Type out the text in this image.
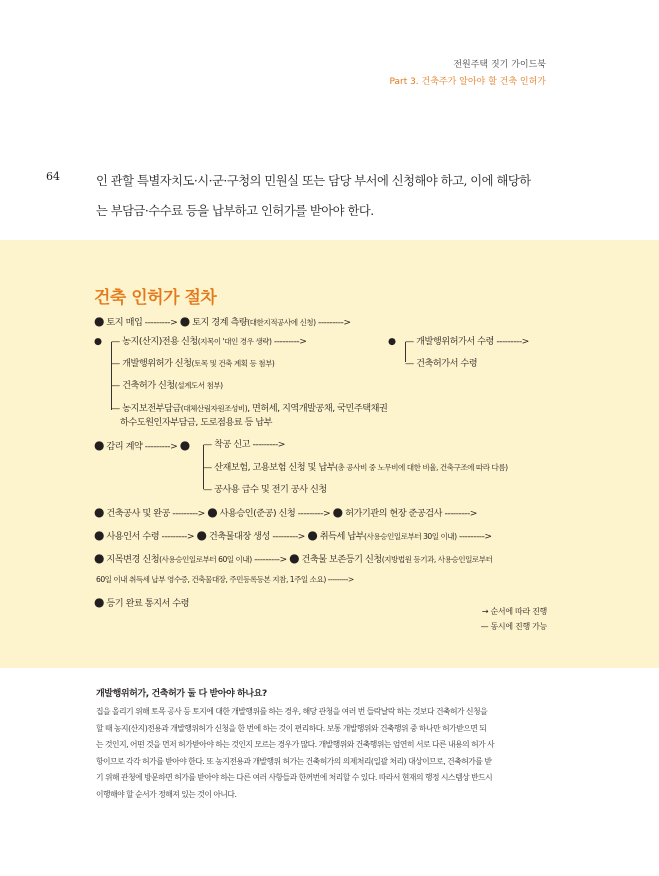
전원주택 짓기 가이드북
Part 3. 건축주가 알아야 할 건축 인허가
64	인 관할 특별자치도·시·군·구청의 민원실 또는 담당 부서에 신청해야 하고, 이에 해당하
는 부담금·수수료 등을 납부하고 인허가를 받아야 한다.
건축 인허가 절차
● 토지 매입 ---------> ● 토지 경계 측량(대한지적공사에 신청) --------->
● — 농지(산지)전용 신청(지목이 '대인 경우 생략) --------->
— 개발행위허가 신청(토목 및 건축 계획 등 첨부)
— 건축허가 신청(설계도서 첨부)
— 농지보전부담금(대체산림자원조성비), 면허세, 지역개발공채, 국민주택채권
하수도원인자부담금, 도로점용료 등 납부
● — 개발행위허가서 수령 --------->
— 건축허가서 수령
● 감리 계약 ---------> ● — 착공 신고 --------->
— 산재보험, 고용보험 신청 및 납부(총 공사비 중 노무비에 대한 비율, 건축구조에 따라 다름)
— 공사용 급수 및 전기 공사 신청
● 건축공사 및 완공 ---------> ● 사용승인(준공) 신청 ---------> ● 허가기관의 현장 준공검사 --------->
● 사용인서 수령 ---------> ● 건축물대장 생성 ---------> ● 취득세 납부(사용승인일로부터 30일 이내) --------->
● 지목변경 신청(사용승인일로부터 60일 이내) ---------> ● 건축물 보존등기 신청(지방법원 등기과, 사용승인일로부터
60일 이내 취득세 납부 영수증, 건축물대장, 주민등록등본 지참, 1주일 소요) --------->
● 등기 완료 통지서 수령
→ 순서에 따라 진행
— 동시에 진행 가능
개발행위허가, 건축허가 둘 다 받아야 하나요?
집을 올리기 위해 토목 공사 등 토지에 대한 개발행위를 하는 경우, 해당 관청을 여러 번 들락날락 하는 것보다 건축허가 신청을
할 때 농지(산지)전용과 개발행위허가 신청을 한 번에 하는 것이 편리하다. 보통 개발행위와 건축행위 중 하나만 허가받으면 되
는 것인지, 어떤 것을 먼저 허가받아야 하는 것인지 모르는 경우가 많다. 개발행위와 건축행위는 엄연히 서로 다른 내용의 허가 사
항이므로 각각 허가를 받아야 한다. 또 농지전용과 개발행위 허가는 건축허가의 의제처리(일괄 처리) 대상이므로, 건축허가를 받
기 위해 관청에 방문하면 허가를 받아야 하는 다른 여러 사항들과 한꺼번에 처리할 수 있다. 따라서 현재의 행정 시스템상 반드시
이행해야 할 순서가 정해져 있는 것이 아니다.
